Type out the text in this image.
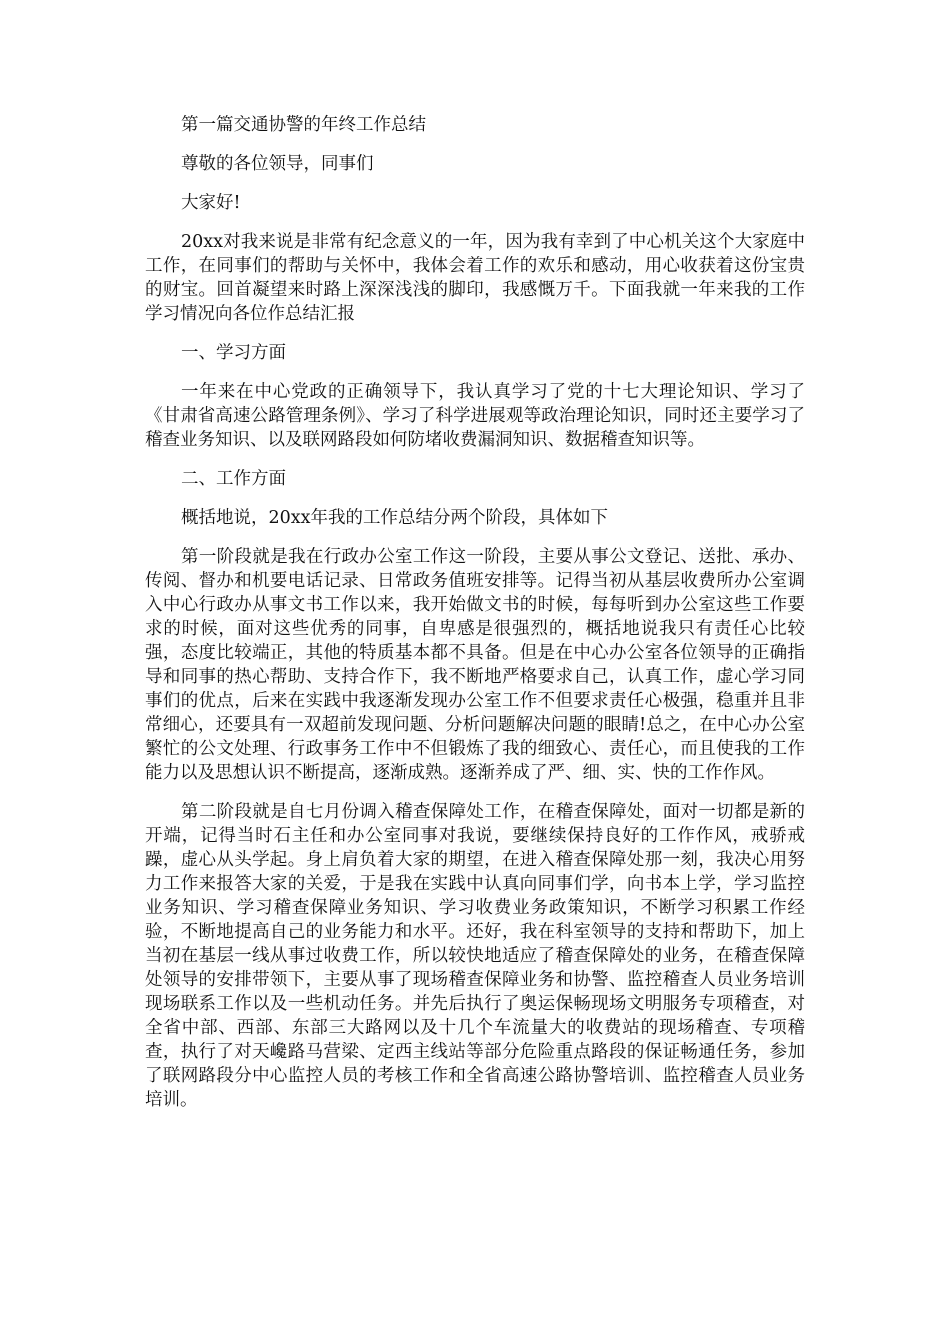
第一篇交通协警的年终工作总结

尊敬的各位领导，同事们

大家好!

20xx对我来说是非常有纪念意义的一年，因为我有幸到了中心机关这个大家庭中工作，在同事们的帮助与关怀中，我体会着工作的欢乐和感动，用心收获着这份宝贵的财宝。回首凝望来时路上深深浅浅的脚印，我感慨万千。下面我就一年来我的工作学习情况向各位作总结汇报

一、学习方面

一年来在中心党政的正确领导下，我认真学习了党的十七大理论知识、学习了《甘肃省高速公路管理条例》、学习了科学进展观等政治理论知识，同时还主要学习了稽查业务知识、以及联网路段如何防堵收费漏洞知识、数据稽查知识等。

二、工作方面

概括地说，20xx年我的工作总结分两个阶段，具体如下

第一阶段就是我在行政办公室工作这一阶段，主要从事公文登记、送批、承办、传阅、督办和机要电话记录、日常政务值班安排等。记得当初从基层收费所办公室调入中心行政办从事文书工作以来，我开始做文书的时候，每每听到办公室这些工作要求的时候，面对这些优秀的同事，自卑感是很强烈的，概括地说我只有责任心比较强，态度比较端正，其他的特质基本都不具备。但是在中心办公室各位领导的正确指导和同事的热心帮助、支持合作下，我不断地严格要求自己，认真工作，虚心学习同事们的优点，后来在实践中我逐渐发现办公室工作不但要求责任心极强，稳重并且非常细心，还要具有一双超前发现问题、分析问题解决问题的眼睛!总之，在中心办公室繁忙的公文处理、行政事务工作中不但锻炼了我的细致心、责任心，而且使我的工作能力以及思想认识不断提高，逐渐成熟。逐渐养成了严、细、实、快的工作作风。

第二阶段就是自七月份调入稽查保障处工作，在稽查保障处，面对一切都是新的开端，记得当时石主任和办公室同事对我说，要继续保持良好的工作作风，戒骄戒躁，虚心从头学起。身上肩负着大家的期望，在进入稽查保障处那一刻，我决心用努力工作来报答大家的关爱，于是我在实践中认真向同事们学，向书本上学，学习监控业务知识、学习稽查保障业务知识、学习收费业务政策知识，不断学习积累工作经验，不断地提高自己的业务能力和水平。还好，我在科室领导的支持和帮助下，加上当初在基层一线从事过收费工作，所以较快地适应了稽查保障处的业务，在稽查保障处领导的安排带领下，主要从事了现场稽查保障业务和协警、监控稽查人员业务培训现场联系工作以及一些机动任务。并先后执行了奥运保畅现场文明服务专项稽查，对全省中部、西部、东部三大路网以及十几个车流量大的收费站的现场稽查、专项稽查，执行了对天巉路马营梁、定西主线站等部分危险重点路段的保证畅通任务，参加了联网路段分中心监控人员的考核工作和全省高速公路协警培训、监控稽查人员业务培训。
